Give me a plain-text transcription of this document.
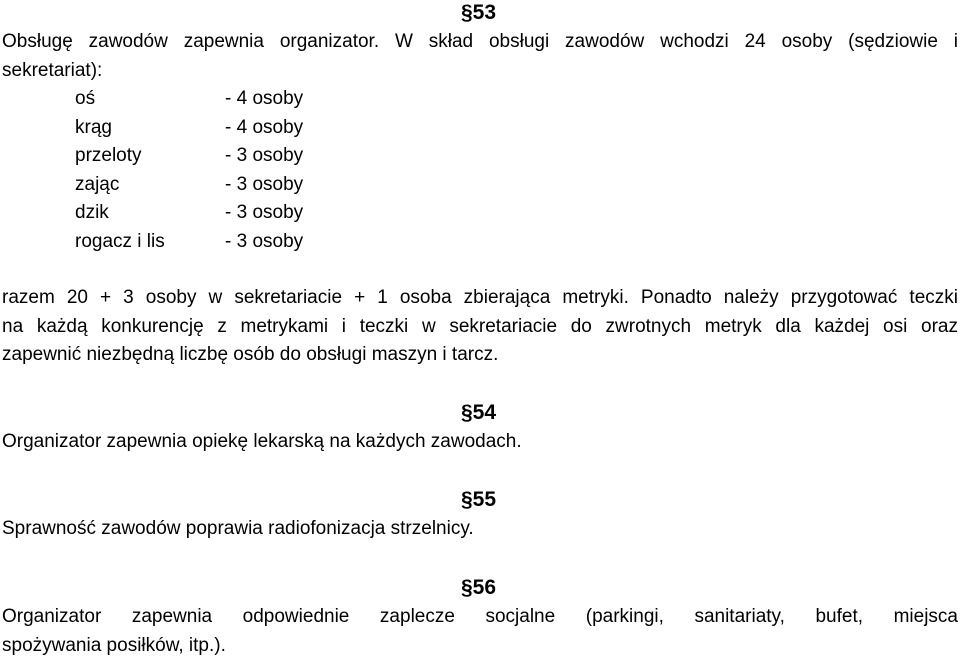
§53
Obsługę zawodów zapewnia organizator. W skład obsługi zawodów wchodzi 24 osoby (sędziowie i
sekretariat):
oś	- 4 osoby
krąg	- 4 osoby
przeloty	- 3 osoby
zając	- 3 osoby
dzik	- 3 osoby
rogacz i lis	- 3 osoby
razem 20 + 3 osoby w sekretariacie + 1 osoba zbierająca metryki. Ponadto należy przygotować teczki
na każdą konkurencję z metrykami i teczki w sekretariacie do zwrotnych metryk dla każdej osi oraz
zapewnić niezbędną liczbę osób do obsługi maszyn i tarcz.
§54
Organizator zapewnia opiekę lekarską na każdych zawodach.
§55
Sprawność zawodów poprawia radiofonizacja strzelnicy.
§56
Organizator zapewnia odpowiednie zaplecze socjalne (parkingi, sanitariaty, bufet, miejsca
spożywania posiłków, itp.).
